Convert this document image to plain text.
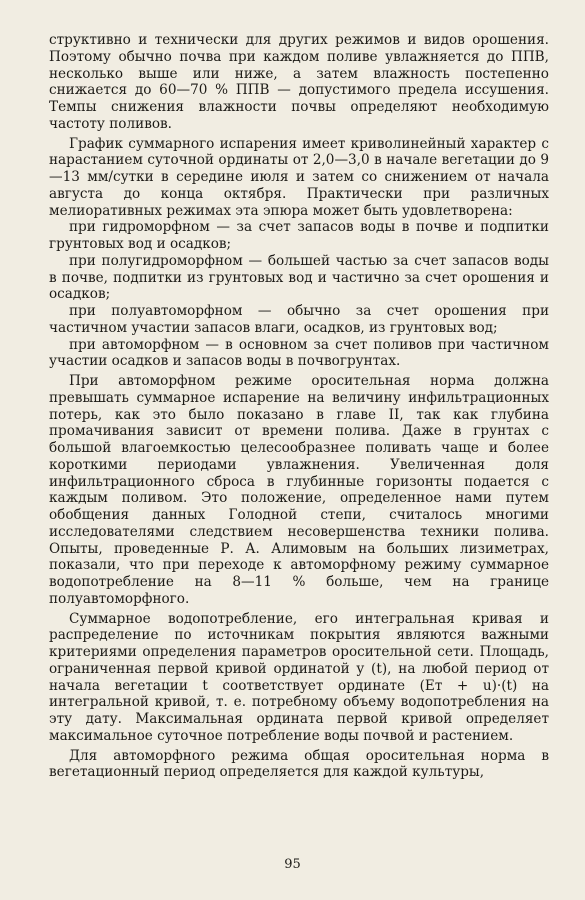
структивно и технически для других режимов и видов орошения. Поэтому обычно почва при каждом поливе увлажняется до ППВ, несколько выше или ниже, а затем влажность постепенно снижается до 60—70 % ППВ — допустимого предела иссушения. Темпы снижения влажности почвы определяют необходимую частоту поливов.

График суммарного испарения имеет криволинейный характер с нарастанием суточной ординаты от 2,0—3,0 в начале вегетации до 9—13 мм/сутки в середине июля и затем со снижением от начала августа до конца октября. Практически при различных мелиоративных режимах эта эпюра может быть удовлетворена:

при гидроморфном — за счет запасов воды в почве и подпитки грунтовых вод и осадков;

при полугидроморфном — большей частью за счет запасов воды в почве, подпитки из грунтовых вод и частично за счет орошения и осадков;

при полуавтоморфном — обычно за счет орошения при частичном участии запасов влаги, осадков, из грунтовых вод;

при автоморфном — в основном за счет поливов при частичном участии осадков и запасов воды в почвогрунтах.

При автоморфном режиме оросительная норма должна превышать суммарное испарение на величину инфильтрационных потерь, как это было показано в главе II, так как глубина промачивания зависит от времени полива. Даже в грунтах с большой влагоемкостью целесообразнее поливать чаще и более короткими периодами увлажнения. Увеличенная доля инфильтрационного сброса в глубинные горизонты подается с каждым поливом. Это положение, определенное нами путем обобщения данных Голодной степи, считалось многими исследователями следствием несовершенства техники полива. Опыты, проведенные Р. А. Алимовым на больших лизиметрах, показали, что при переходе к автоморфному режиму суммарное водопотребление на 8—11 % больше, чем на границе полуавтоморфного.

Суммарное водопотребление, его интегральная кривая и распределение по источникам покрытия являются важными критериями определения параметров оросительной сети. Площадь, ограниченная первой кривой ординатой y (t), на любой период от начала вегетации t соответствует ординате (Eт + u)·(t) на интегральной кривой, т. е. потребному объему водопотребления на эту дату. Максимальная ордината первой кривой определяет максимальное суточное потребление воды почвой и растением.

Для автоморфного режима общая оросительная норма в вегетационный период определяется для каждой культуры,

95
